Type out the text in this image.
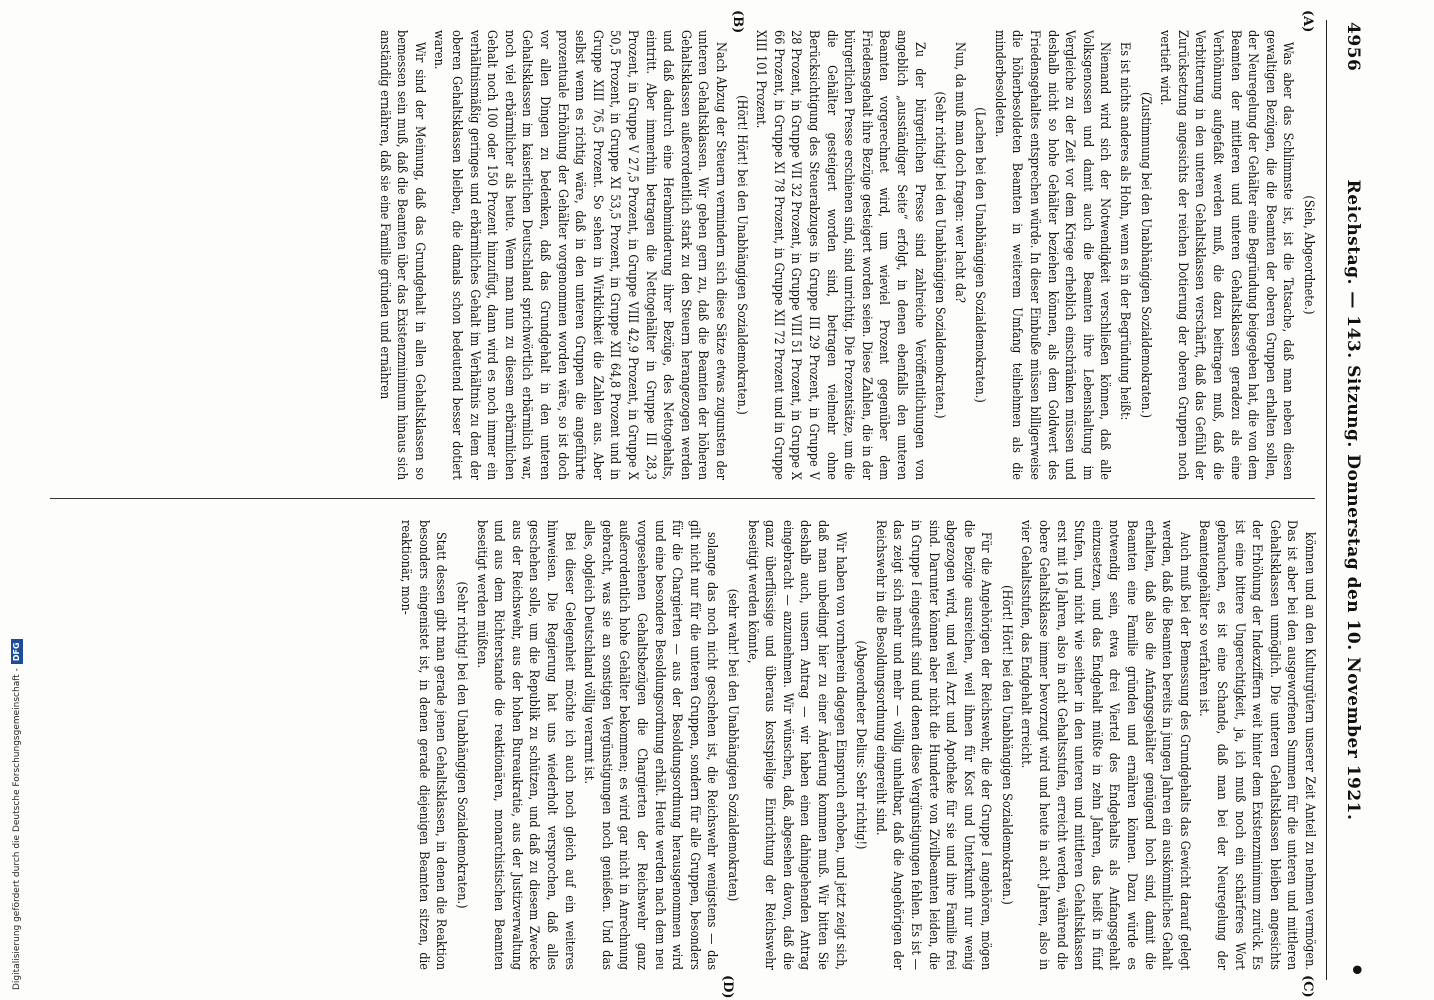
4956
Reichstag. — 143. Sitzung. Donnerstag den 10. November 1921.
•
(A)
(B)
(C)
(D)

(Sieh, Abgeordnete.)

Was aber das Schlimmste ist, ist die Tatsache, daß man neben diesen gewaltigen Bezügen, die die Beamten der oberen Gruppen erhalten sollen, der Neuregelung der Gehälter eine Begründung beigegeben hat, die von dem Beamten der mittleren und unteren Gehaltsklassen geradezu als eine Verhöhnung aufgefaßt werden muß, die dazu beitragen muß, daß die Verbitterung in den unteren Gehaltsklassen verschärft, daß das Gefühl der Zurücksetzung angesichts der reichen Dotierung der oberen Gruppen noch vertieft wird.

(Zustimmung bei den Unabhängigen Sozialdemokraten.)

Es ist nichts anderes als Hohn, wenn es in der Begründung heißt:

Niemand wird sich der Notwendigkeit verschließen können, daß alle Volksgenossen und damit auch die Beamten ihre Lebenshaltung im Vergleiche zu der Zeit vor dem Kriege erheblich einschränken müssen und deshalb nicht so hohe Gehälter beziehen können, als dem Goldwert des Friedensgehaltes entsprechen würde. In dieser Einbuße müssen billigerweise die höherbesoldeten Beamten in weiterem Umfang teilnehmen als die minderbesoldeten.

(Lachen bei den Unabhängigen Sozialdemokraten.)

Nun, da muß man doch fragen: wer lacht da?

(Sehr richtig! bei den Unabhängigen Sozialdemokraten.)

Zu der bürgerlichen Presse sind zahlreiche Veröffentlichungen von angeblich „ausständiger Seite“ erfolgt, in denen ebenfalls den unteren Beamten vorgerechnet wird, um wieviel Prozent gegenüber dem Friedensgehalt ihre Bezüge gesteigert worden seien. Diese Zahlen, die in der bürgerlichen Presse erschienen sind, sind unrichtig. Die Prozentsätze, um die die Gehälter gesteigert worden sind, betragen vielmehr ohne Berücksichtigung des Steuerabzuges in Gruppe III 29 Prozent, in Gruppe V 28 Prozent, in Gruppe VII 32 Prozent, in Gruppe VIII 51 Prozent, in Gruppe X 66 Prozent, in Gruppe XI 78 Prozent, in Gruppe XII 72 Prozent und in Gruppe XIII 101 Prozent.

(Hört! Hört! bei den Unabhängigen Sozialdemokraten.)

Nach Abzug der Steuern vermindern sich diese Sätze etwas zugunsten der unteren Gehaltsklassen. Wir geben gern zu, daß die Beamten der höheren Gehaltsklassen außerordentlich stark zu den Steuern herangezogen werden und daß dadurch eine Herabminderung ihrer Bezüge, des Nettogehalts, eintritt. Aber immerhin betragen die Nettogehälter in Gruppe III 28,3 Prozent, in Gruppe V 27,5 Prozent, in Gruppe VIII 42,9 Prozent, in Gruppe X 50,5 Prozent, in Gruppe XI 53,5 Prozent, in Gruppe XII 64,8 Prozent und in Gruppe XIII 76,5 Prozent. So sehen in Wirklichkeit die Zahlen aus. Aber selbst wenn es richtig wäre, daß in den unteren Gruppen die angeführte prozentuale Erhöhung der Gehälter vorgenommen worden wäre, so ist doch vor allen Dingen zu bedenken, daß das Grundgehalt in den unteren Gehaltsklassen im kaiserlichen Deutschland sprichwörtlich erbärmlich war, noch viel erbärmlicher als heute. Wenn man nun zu diesem erbärmlichen Gehalt noch 100 oder 150 Prozent hinzufügt, dann wird es noch immer ein verhältnismäßig geringes und erbärmliches Gehalt im Verhältnis zu dem der oberen Gehaltsklassen bleiben, die damals schon bedeutend besser dotiert waren.

Wir sind der Meinung, daß das Grundgehalt in allen Gehaltsklassen so bemessen sein muß, daß die Beamten über das Existenzminimum hinaus sich anständig ernähren, daß sie eine Familie gründen und ernähren

können und an den Kulturgütern unserer Zeit Anteil zu nehmen vermögen. Das ist aber bei den ausgeworfenen Summen für die unteren und mittleren Gehaltsklassen unmöglich. Die unteren Gehaltsklassen bleiben angesichts der Erhöhung der Indexziffern weit hinter dem Existenzminimum zurück. Es ist eine bittere Ungerechtigkeit, ja, ich muß noch ein schärferes Wort gebrauchen, es ist eine Schande, daß man bei der Neuregelung der Beamtengehälter so verfahren ist.

Auch muß bei der Bemessung des Grundgehalts das Gewicht darauf gelegt werden, daß die Beamten bereits in jungen Jahren ein auskömmliches Gehalt erhalten, daß also die Anfangsgehälter genügend hoch sind, damit die Beamten eine Familie gründen und ernähren können. Dazu würde es notwendig sein, etwa drei Viertel des Endgehalts als Anfangsgehalt einzusetzen, und das Endgehalt müßte in zehn Jahren, das heißt in fünf Stufen, und nicht wie seither in den unteren und mittleren Gehaltsklassen erst mit 16 Jahren, also in acht Gehaltsstufen, erreicht werden, während die obere Gehaltsklasse immer bevorzugt wird und heute in acht Jahren, also in vier Gehaltsstufen, das Endgehalt erreicht.

(Hört! Hört! bei den Unabhängigen Sozialdemokraten.)

Für die Angehörigen der Reichswehr, die der Gruppe I angehören, mögen die Bezüge ausreichen, weil ihnen für Kost und Unterkunft nur wenig abgezogen wird, und weil Arzt und Apotheke für sie und ihre Familie frei sind. Darunter können aber nicht die Hunderte von Zivilbeamten leiden, die in Gruppe I eingestuft sind und denen diese Vergünstigungen fehlen. Es ist — das zeigt sich mehr und mehr — völlig unhaltbar, daß die Angehörigen der Reichswehr in die Besoldungsordnung eingereiht sind.

(Abgeordneter Delius: Sehr richtig!)

Wir haben von vornherein dagegen Einspruch erhoben, und jetzt zeigt sich, daß man unbedingt hier zu einer Änderung kommen muß. Wir bitten Sie deshalb auch, unsern Antrag — wir haben einen dahingehenden Antrag eingebracht — anzunehmen. Wir wünschen, daß, abgesehen davon, daß die ganz überflüssige und überaus kostspielige Einrichtung der Reichswehr beseitigt werden könnte,

(sehr wahr! bei den Unabhängigen Sozialdemokraten)

solange das noch nicht geschehen ist, die Reichswehr wenigstens — das gilt nicht nur für die unteren Gruppen, sondern für alle Gruppen, besonders für die Chargierten — aus der Besoldungsordnung herausgenommen wird und eine besondere Besoldungsordnung erhält. Heute werden nach dem neu vorgesehenen Gehaltsbezügen die Chargierten der Reichswehr ganz außerordentlich hohe Gehälter bekommen; es wird gar nicht in Anrechnung gebracht, was sie an sonstigen Vergünstigungen noch genießen. Und das alles, obgleich Deutschland völlig verarmt ist.

Bei dieser Gelegenheit möchte ich auch noch gleich auf ein weiteres hinweisen. Die Regierung hat uns wiederholt versprochen, daß alles geschehen solle, um die Republik zu schützen, und daß zu diesem Zwecke aus der Reichswehr, aus der hohen Bureaukratie, aus der Justizverwaltung und aus dem Richterstande die reaktionären, monarchistischen Beamten beseitigt werden müßten.

(Sehr richtig! bei den Unabhängigen Sozialdemokraten.)

Statt dessen gibt man gerade jenen Gehaltsklassen, in denen die Reaktion besonders eingenistet ist, in denen gerade diejenigen Beamten sitzen, die reaktionär, mon-

Digitalisierung gefördert durch die Deutsche Forschungsgemeinschaft -DFG
